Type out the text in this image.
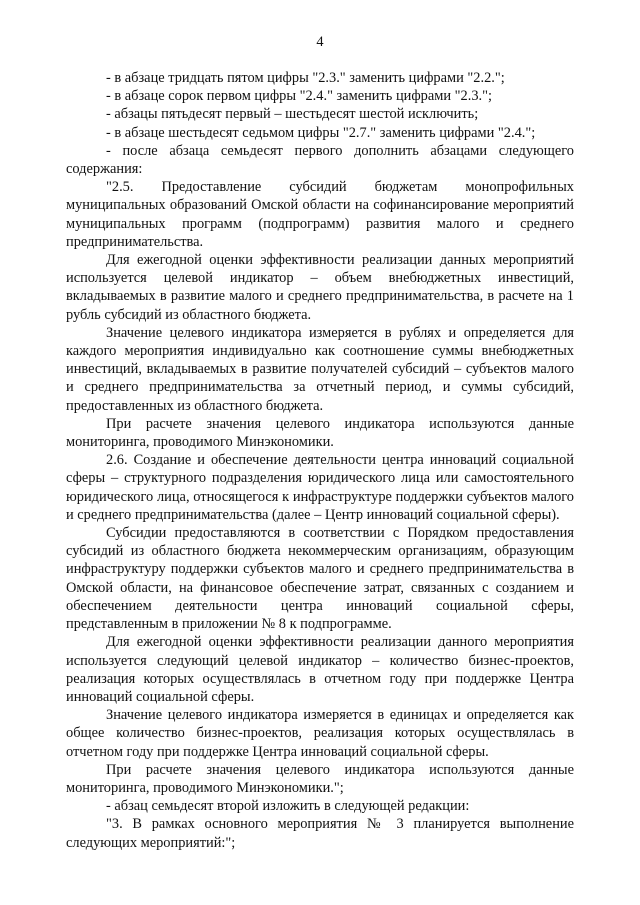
4

- в абзаце тридцать пятом цифры "2.3." заменить цифрами "2.2.";

- в абзаце сорок первом цифры "2.4." заменить цифрами "2.3.";

- абзацы пятьдесят первый – шестьдесят шестой исключить;

- в абзаце шестьдесят седьмом цифры "2.7." заменить цифрами "2.4.";

- после абзаца семьдесят первого дополнить абзацами следующего содержания:

"2.5. Предоставление субсидий бюджетам монопрофильных муниципальных образований Омской области на софинансирование мероприятий муниципальных программ (подпрограмм) развития малого и среднего предпринимательства.

Для ежегодной оценки эффективности реализации данных мероприятий используется целевой индикатор – объем внебюджетных инвестиций, вкладываемых в развитие малого и среднего предпринимательства, в расчете на 1 рубль субсидий из областного бюджета.

Значение целевого индикатора измеряется в рублях и определяется для каждого мероприятия индивидуально как соотношение суммы внебюджетных инвестиций, вкладываемых в развитие получателей субсидий – субъектов малого и среднего предпринимательства за отчетный период, и суммы субсидий, предоставленных из областного бюджета.

При расчете значения целевого индикатора используются данные мониторинга, проводимого Минэкономики.

2.6. Создание и обеспечение деятельности центра инноваций социальной сферы – структурного подразделения юридического лица или самостоятельного юридического лица, относящегося к инфраструктуре поддержки субъектов малого и среднего предпринимательства (далее – Центр инноваций социальной сферы).

Субсидии предоставляются в соответствии с Порядком предоставления субсидий из областного бюджета некоммерческим организациям, образующим инфраструктуру поддержки субъектов малого и среднего предпринимательства в Омской области, на финансовое обеспечение затрат, связанных с созданием и обеспечением деятельности центра инноваций социальной сферы, представленным в приложении № 8 к подпрограмме.

Для ежегодной оценки эффективности реализации данного мероприятия используется следующий целевой индикатор – количество бизнес-проектов, реализация которых осуществлялась в отчетном году при поддержке Центра инноваций социальной сферы.

Значение целевого индикатора измеряется в единицах и определяется как общее количество бизнес-проектов, реализация которых осуществлялась в отчетном году при поддержке Центра инноваций социальной сферы.

При расчете значения целевого индикатора используются данные мониторинга, проводимого Минэкономики.";

- абзац семьдесят второй изложить в следующей редакции:

"3. В рамках основного мероприятия № 3 планируется выполнение следующих мероприятий:";
